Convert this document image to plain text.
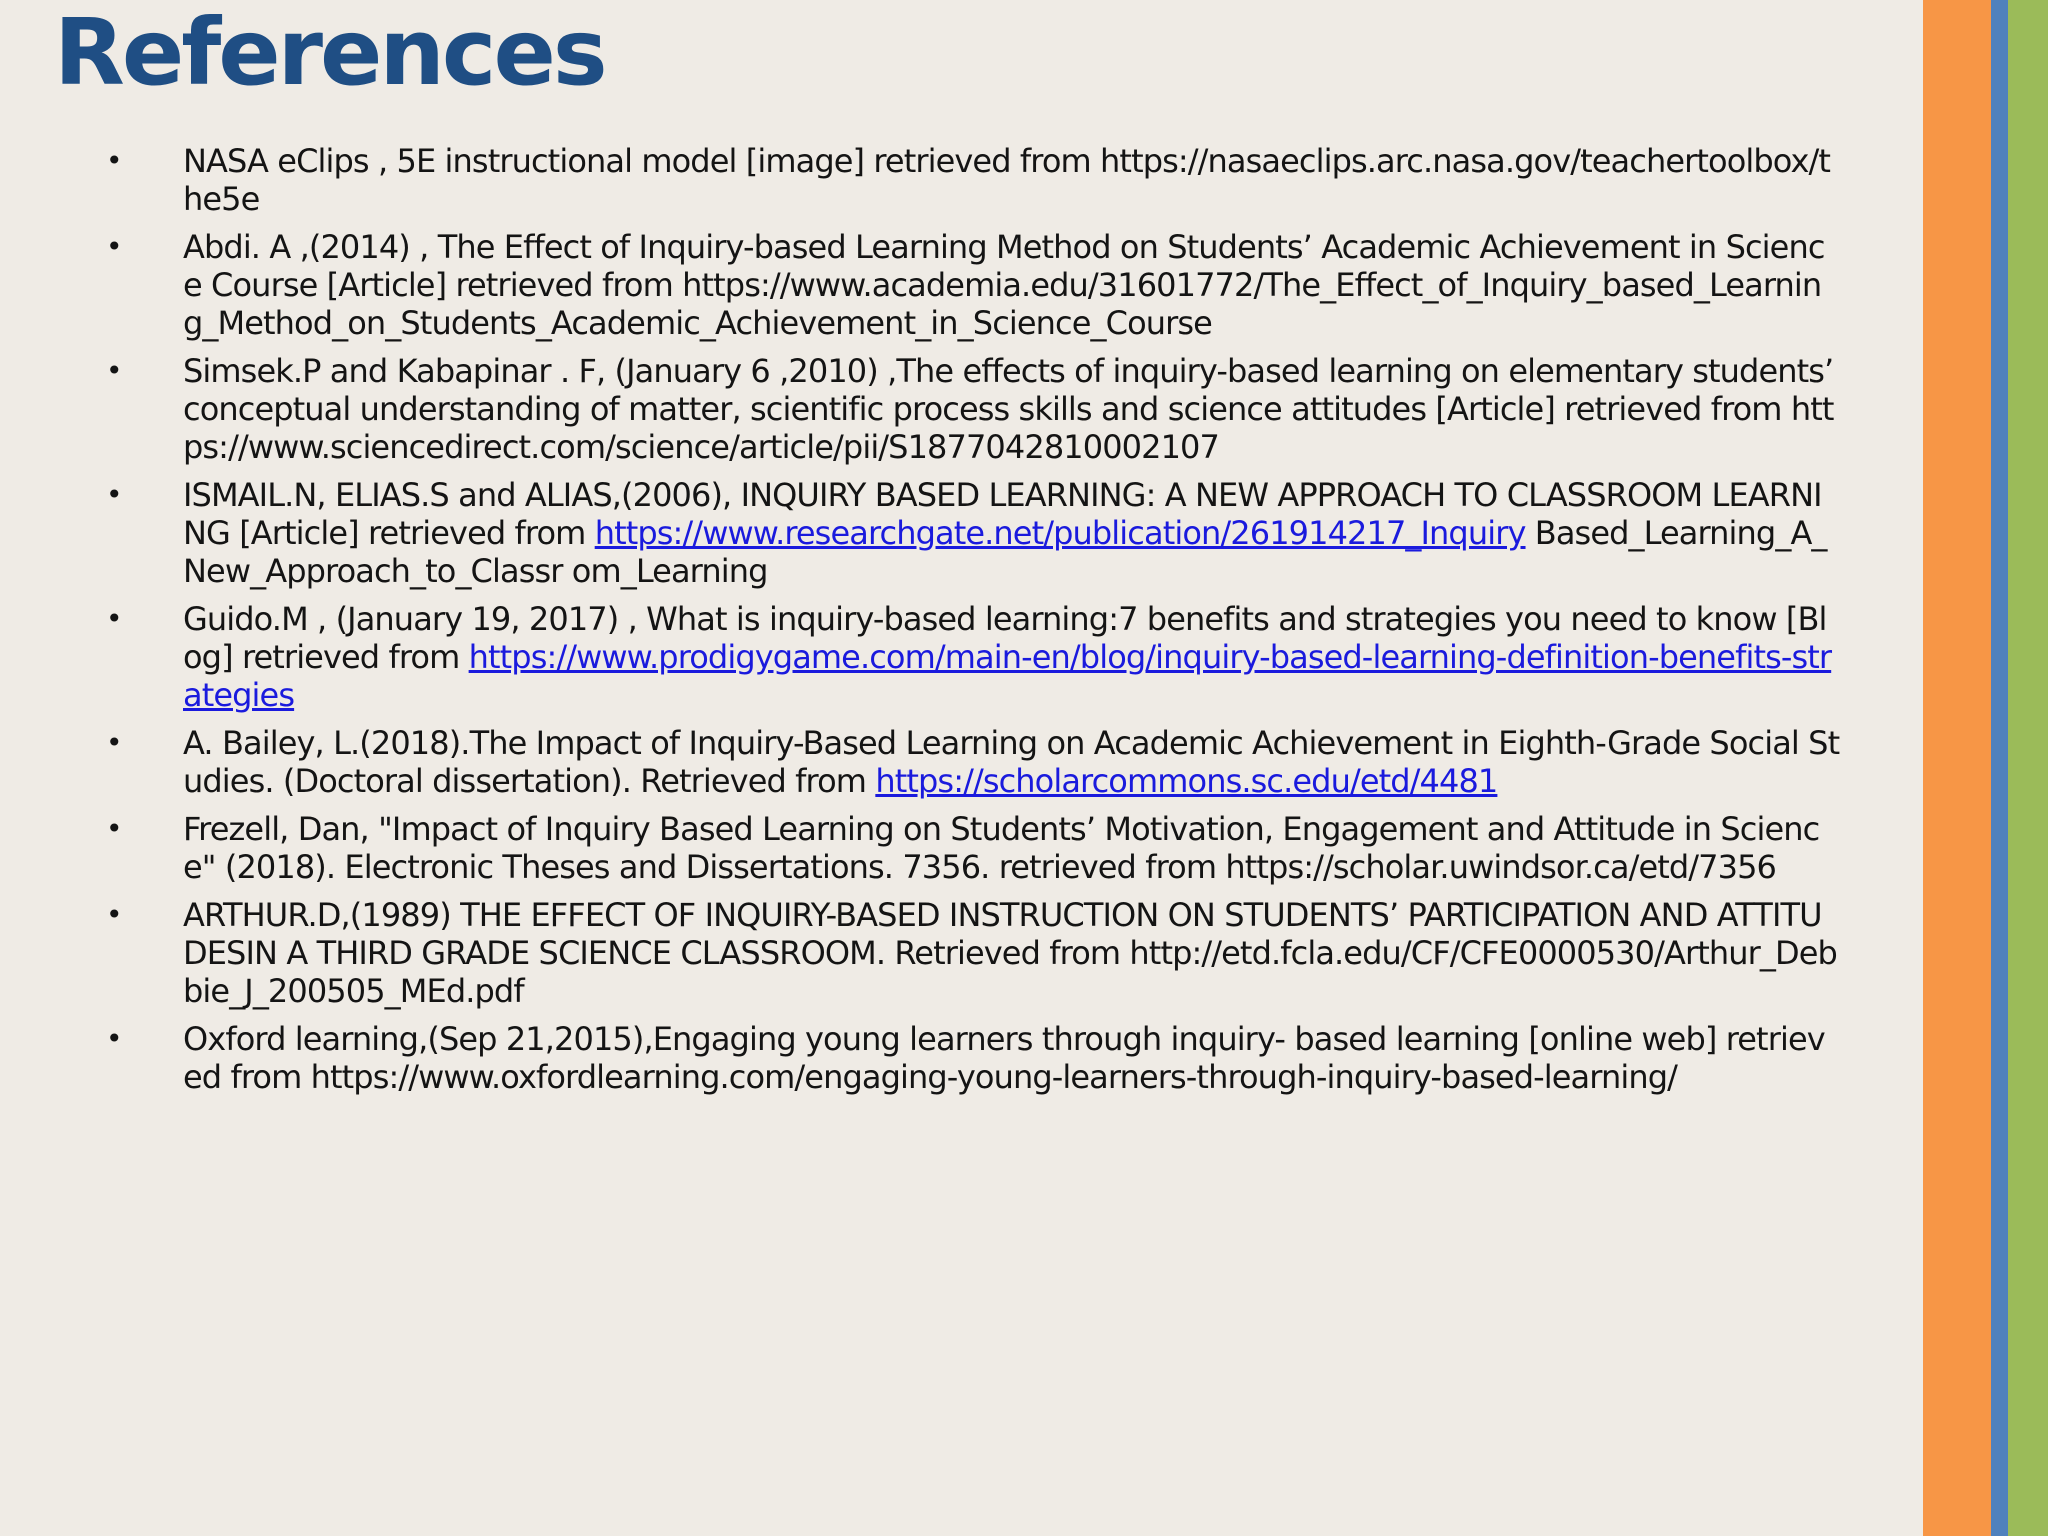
References
• NASA eClips , 5E instructional model [image] retrieved from https://nasaeclips.arc.nasa.gov/teachertoolbox/the5e
• Abdi. A ,(2014) , The Effect of Inquiry-based Learning Method on Students’ Academic Achievement in Science Course [Article] retrieved from https://www.academia.edu/31601772/The_Effect_of_Inquiry_based_Learning_Method_on_Students_Academic_Achievement_in_Science_Course
• Simsek.P and Kabapinar . F, (January 6 ,2010) ,The effects of inquiry-based learning on elementary students’ conceptual understanding of matter, scientific process skills and science attitudes [Article] retrieved from https://www.sciencedirect.com/science/article/pii/S1877042810002107
• ISMAIL.N, ELIAS.S and ALIAS,(2006), INQUIRY BASED LEARNING: A NEW APPROACH TO CLASSROOM LEARNING [Article] retrieved from https://www.researchgate.net/publication/261914217_Inquiry Based_Learning_A_New_Approach_to_Classr om_Learning
• Guido.M , (January 19, 2017) , What is inquiry-based learning:7 benefits and strategies you need to know [Blog] retrieved from https://www.prodigygame.com/main-en/blog/inquiry-based-learning-definition-benefits-strategies
• A. Bailey, L.(2018).The Impact of Inquiry-Based Learning on Academic Achievement in Eighth-Grade Social Studies. (Doctoral dissertation). Retrieved from https://scholarcommons.sc.edu/etd/4481
• Frezell, Dan, "Impact of Inquiry Based Learning on Students’ Motivation, Engagement and Attitude in Science" (2018). Electronic Theses and Dissertations. 7356. retrieved from https://scholar.uwindsor.ca/etd/7356
• ARTHUR.D,(1989) THE EFFECT OF INQUIRY-BASED INSTRUCTION ON STUDENTS’ PARTICIPATION AND ATTITUDESIN A THIRD GRADE SCIENCE CLASSROOM. Retrieved from http://etd.fcla.edu/CF/CFE0000530/Arthur_Debbie_J_200505_MEd.pdf
• Oxford learning,(Sep 21,2015),Engaging young learners through inquiry- based learning [online web] retrieved from https://www.oxfordlearning.com/engaging-young-learners-through-inquiry-based-learning/
